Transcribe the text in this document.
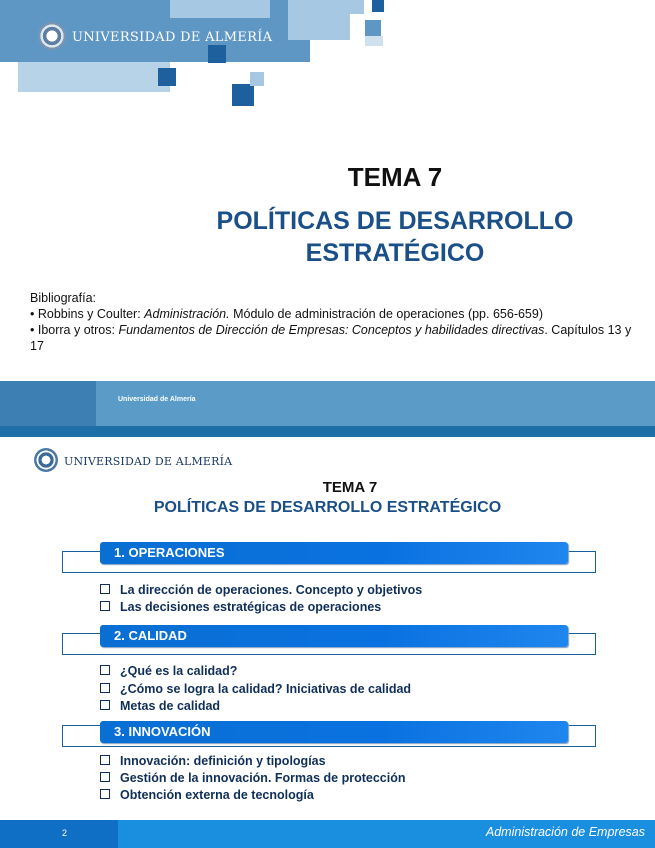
UNIVERSIDAD DE ALMERÍA
TEMA 7
POLÍTICAS DE DESARROLLO ESTRATÉGICO

Bibliografía:

• Robbins y Coulter: Administración. Módulo de administración de operaciones (pp. 656-659)

• Iborra y otros: Fundamentos de Dirección de Empresas: Conceptos y habilidades directivas. Capítulos 13 y 17

Universidad de Almería
UNIVERSIDAD DE ALMERÍA
TEMA 7
POLÍTICAS DE DESARROLLO ESTRATÉGICO
1. OPERACIONES
La dirección de operaciones. Concepto y objetivos
Las decisiones estratégicas de operaciones
2. CALIDAD
¿Qué es la calidad?
¿Cómo se logra la calidad? Iniciativas de calidad
Metas de calidad
3. INNOVACIÓN
Innovación: definición y tipologías
Gestión de la innovación. Formas de protección
Obtención externa de tecnología
2	Administración de Empresas
